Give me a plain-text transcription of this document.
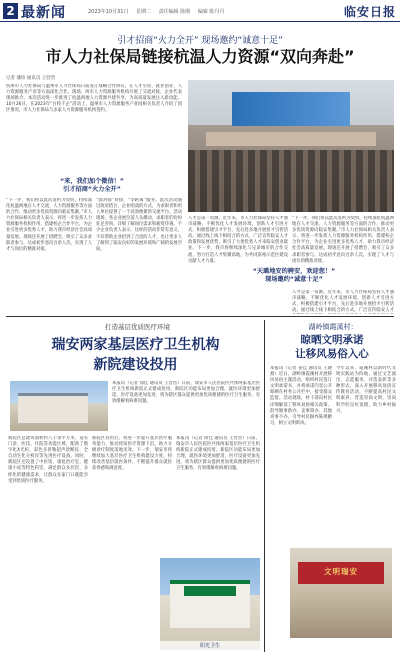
2 最新闻	2023年10月31日 星期二 责任编辑 陈刚 编辑 陈丹丹	临安日报
引才招商“火力全开” 现场邀约“诚意十足”
市人力社保局链接杭温人力资源“双向奔赴”
记者 潘珍 通讯员 王营营
杭州市人力社保局与温州市人力社保局日前签订战略合作协议，在人才引进、就业创业、人力资源服务产业等方面深化合作。现场，两市人力资源服务机构开展了交流对接，企业代表现场推介。本次活动进一步推进了杭温两地人力资源共建共享，为高质量发展注入新动能。10月26日，在2023年“百校千企”活动上，温州市人力资源服务产业园相关负责人介绍了园区情况，市人力社保局与多家人力资源服务机构签约。
“来，我们加个微信！”
引才招商“火力全开”
“下一步，我们将以此次签约为契机，持续深化杭温两地在人才交流、人力资源服务等方面的合作，推动更多优质资源向临安集聚。”市人力社保局相关负责人表示，将进一步发挥人力资源服务机构作用，搭建校企合作平台，为企业引进更多优秀人才，助力我市经济社会高质量发展。现场还开展了招聘会，吸引了众多求职者参与，达成初步意向百余人次，实现了人才与岗位的精准对接。
“面对面”对接，“零距离”服务。此次活动通过政府搭台、企业唱戏的方式，为求职者和用人单位提供了一个高效便捷的交流平台。活动现场，各企业展位前人头攒动，求职者们纷纷驻足咨询，详细了解岗位需求和薪资待遇。不少企业负责人表示，这样的活动非常有意义，不仅帮助企业招到了合适的人才，也让更多人了解到了临安良好的发展环境和广阔的发展空间。
人才是第一资源。近年来，市人力社保局坚持人才强市战略，不断优化人才发展环境，创新人才引进方式，积极搭建引才平台，先后赴多地开展招才引智活动。通过线上线下相结合的方式，广泛宣传临安人才政策和发展优势，吸引了大批优秀人才来临安创业就业。下一步，我市将继续深化与兄弟城市的合作交流，努力打造人才集聚高地，为共同富裕示范区建设贡献人才力量。
“天璐地安的骋安，欢迎您！”
现场邀约“诚意十足”
“下一步，我们将以此次签约为契机，持续深化杭温两地在人才交流、人力资源服务等方面的合作，推动更多优质资源向临安集聚。”市人力社保局相关负责人表示，将进一步发挥人力资源服务机构作用，搭建校企合作平台，为企业引进更多优秀人才，助力我市经济社会高质量发展。现场还开展了招聘会，吸引了众多求职者参与，达成初步意向百余人次，实现了人才与岗位的精准对接。
人才是第一资源。近年来，市人力社保局坚持人才强市战略，不断优化人才发展环境，创新人才引进方式，积极搭建引才平台，先后赴多地开展招才引智活动。通过线上线下相结合的方式，广泛宣传临安人才
打造基层优质医疗环境
瑞安两家基层医疗卫生机构
新院建设投用
本报讯（记者 徐佳 通讯员 王营营）日前，瑞安市人民医院医共体两家基层医疗卫生机构新院正式建成投用。新院区功能布局更加合理，就医环境更加舒适，医疗设备更加先进，将为辖区群众提供更加优质便捷的医疗卫生服务，有效缓解看病难问题。
新院区总建筑面积约八千余平方米，设有门诊、医技、住院等功能区域，配备了数字化X光机、彩色多普勒超声诊断仪、全自动生化分析仪等先进医疗设备。同时，新院区还设置了中医馆、康复治疗室、健康小屋等特色科室，满足群众多层次、多样化的健康需求，让群众在家门口就能享受到优质医疗服务。
新院区投用后，将进一步提升基层医疗服务能力，推动优质医疗资源下沉，助力分级诊疗制度落地见效。下一步，瑞安市将继续加大基层医疗卫生机构建设力度，持续改善基层就医条件，不断提升群众就医获得感和满意度。
本报讯（记者 徐佳 通讯员 王营营）日前，瑞安市人民医院医共体两家基层医疗卫生机构新院正式建成投用。新院区功能布局更加合理，就医环境更加舒适，医疗设备更加先进，将为辖区群众提供更加优质便捷的医疗卫生服务，有效缓解看病难问题。
阳光卫生
湖岭镇霞溪村：
晾晒文明承诺
让移风易俗入心
本报讯（记者 姜佳 通讯员 王晓燕）近日，湖岭镇霞溪村开展移风易俗主题活动，组织村民签订文明承诺书，并将承诺内容公开晾晒在村务公开栏中，接受群众监督。活动现场，村干部向村民详细解读了移风易俗相关政策，倡导婚事新办、丧事简办、其他喜事不办，引导村民摒弃陈规陋习，树立文明新风。
今年以来，霞溪村以新时代文明实践站为阵地，通过文艺演出、志愿服务、评选表彰等多种形式，深入开展移风易俗宣传教育活动，不断提高村民文明素养，营造崇尚文明、崇尚科学的良好氛围，助力乡村振兴。
文明瑞安
